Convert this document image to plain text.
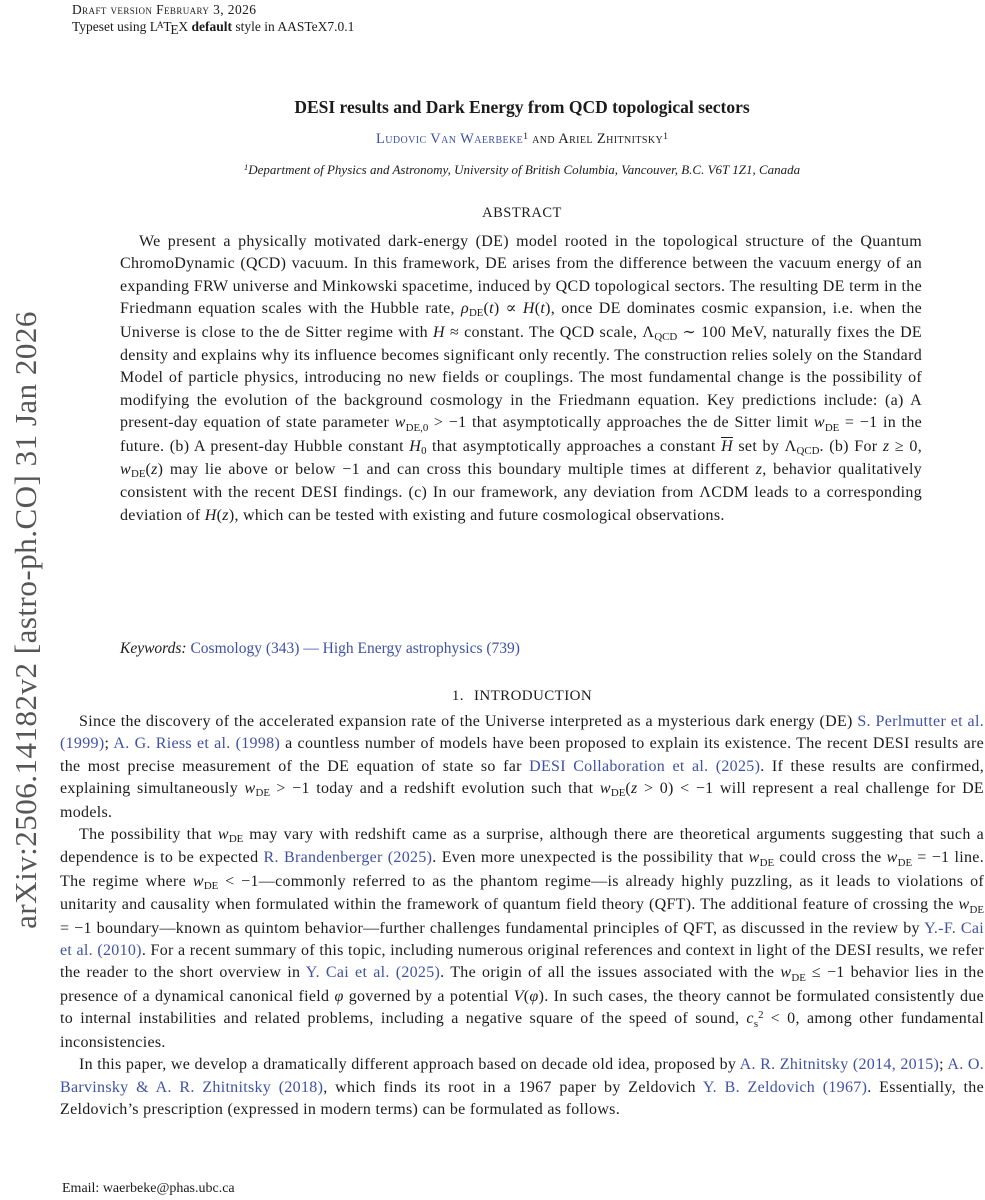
arXiv:2506.14182v2 [astro-ph.CO] 31 Jan 2026
Draft version February 3, 2026
Typeset using $L^ATEX$ default style in AASTeX7.0.1
DESI results and Dark Energy from QCD topological sectors
Ludovic Van Waerbeke$^1$ and Ariel Zhitnitsky$^1$
$^1$Department of Physics and Astronomy, University of British Columbia, Vancouver, B.C. V6T 1Z1, Canada
ABSTRACT

We present a physically motivated dark-energy (DE) model rooted in the topological structure of the Quantum ChromoDynamic (QCD) vacuum. In this framework, DE arises from the difference between the vacuum energy of an expanding FRW universe and Minkowski spacetime, induced by QCD topological sectors. The resulting DE term in the Friedmann equation scales with the Hubble rate, $\rho_{DE}(t) \propto H(t)$, once DE dominates cosmic expansion, i.e. when the Universe is close to the de Sitter regime with H ≈ constant. The QCD scale, $\Lambda_{QCD}$ ∼ 100 MeV, naturally fixes the DE density and explains why its influence becomes significant only recently. The construction relies solely on the Standard Model of particle physics, introducing no new fields or couplings. The most fundamental change is the possibility of modifying the evolution of the background cosmology in the Friedmann equation. Key predictions include: (a) A present-day equation of state parameter $w_{DE,0} > -1$ that asymptotically approaches the de Sitter limit $w_{DE} = -1$ in the future. (b) A present-day Hubble constant $H_0$ that asymptotically approaches a constant $\overline{H}$ set by $\Lambda_{QCD}$. (b) For z ≥ 0, $w_{DE}(z)$ may lie above or below −1 and can cross this boundary multiple times at different z, behavior qualitatively consistent with the recent DESI findings. (c) In our framework, any deviation from ΛCDM leads to a corresponding deviation of H(z), which can be tested with existing and future cosmological observations.

Keywords: Cosmology (343) — High Energy astrophysics (739)
1. INTRODUCTION

Since the discovery of the accelerated expansion rate of the Universe interpreted as a mysterious dark energy (DE) S. Perlmutter et al. (1999); A. G. Riess et al. (1998) a countless number of models have been proposed to explain its existence. The recent DESI results are the most precise measurement of the DE equation of state so far DESI Collaboration et al. (2025). If these results are confirmed, explaining simultaneously $w_{DE} > -1$ today and a redshift evolution such that $w_{DE}(z > 0) < -1$ will represent a real challenge for DE models.

The possibility that $w_{DE}$ may vary with redshift came as a surprise, although there are theoretical arguments suggesting that such a dependence is to be expected R. Brandenberger (2025). Even more unexpected is the possibility that $w_{DE}$ could cross the $w_{DE} = -1$ line. The regime where $w_{DE}$ < −1—commonly referred to as the phantom regime—is already highly puzzling, as it leads to violations of unitarity and causality when formulated within the framework of quantum field theory (QFT). The additional feature of crossing the $w_{DE} = -1$ boundary—known as quintom behavior—further challenges fundamental principles of QFT, as discussed in the review by Y.-F. Cai et al. (2010). For a recent summary of this topic, including numerous original references and context in light of the DESI results, we refer the reader to the short overview in Y. Cai et al. (2025). The origin of all the issues associated with the $w_{DE} \le -1$ behavior lies in the presence of a dynamical canonical field φ governed by a potential V(φ). In such cases, the theory cannot be formulated consistently due to internal instabilities and related problems, including a negative square of the speed of sound, $c_s^2 < 0$, among other fundamental inconsistencies.

In this paper, we develop a dramatically different approach based on decade old idea, proposed by A. R. Zhitnitsky (2014, 2015); A. O. Barvinsky & A. R. Zhitnitsky (2018), which finds its root in a 1967 paper by Zeldovich Y. B. Zeldovich (1967). Essentially, the Zeldovich’s prescription (expressed in modern terms) can be formulated as follows.

Email: waerbeke@phas.ubc.ca
